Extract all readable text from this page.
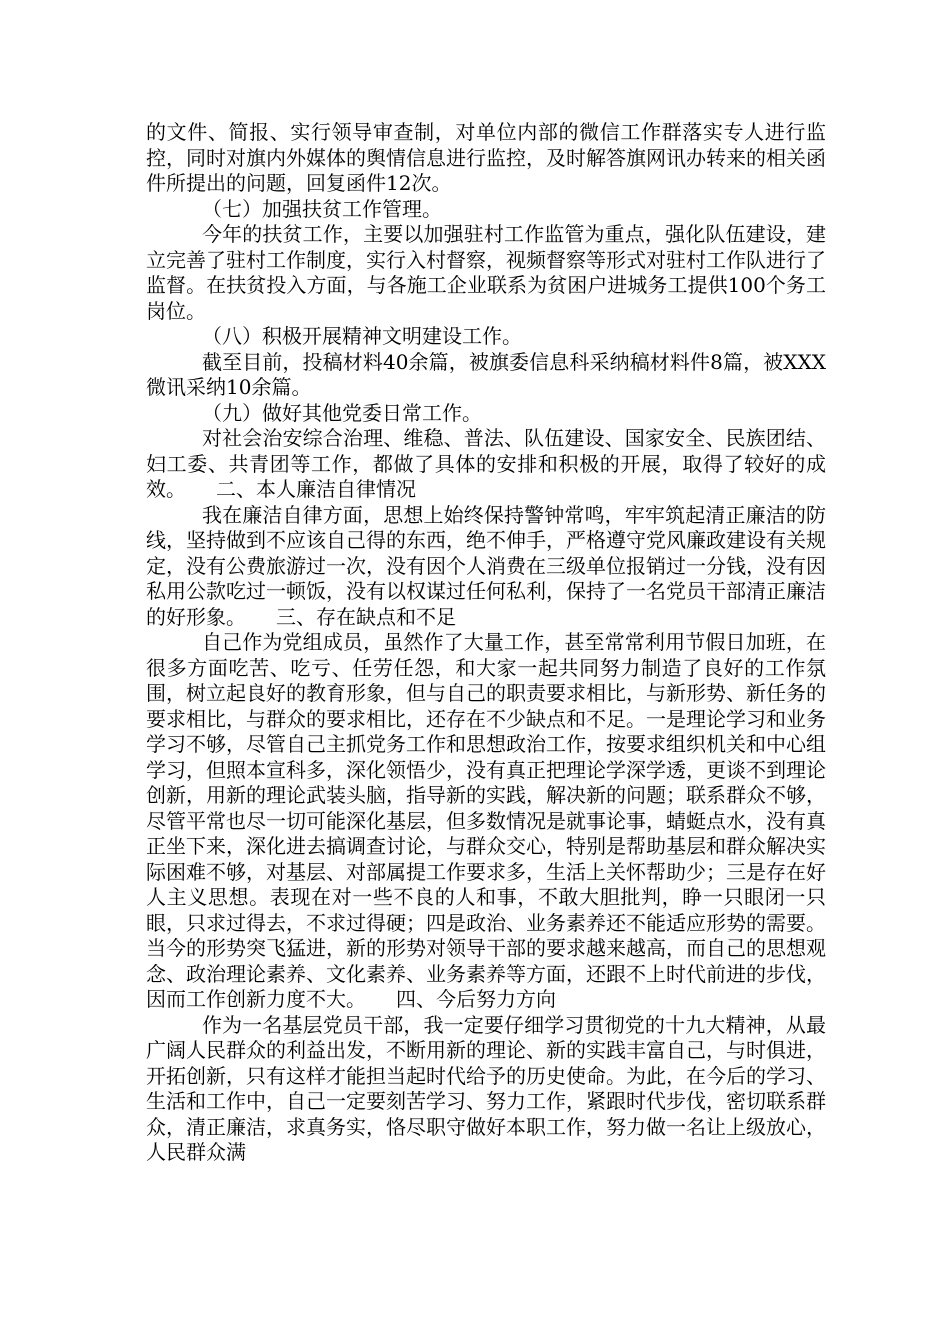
的文件、简报、实行领导审查制，对单位内部的微信工作群落实专人进行监控，同时对旗内外媒体的舆情信息进行监控，及时解答旗网讯办转来的相关函件所提出的问题，回复函件12次。

（七）加强扶贫工作管理。

今年的扶贫工作，主要以加强驻村工作监管为重点，强化队伍建设，建立完善了驻村工作制度，实行入村督察，视频督察等形式对驻村工作队进行了监督。在扶贫投入方面，与各施工企业联系为贫困户进城务工提供100个务工岗位。

（八）积极开展精神文明建设工作。

截至目前，投稿材料40余篇，被旗委信息科采纳稿材料件8篇，被XXX微讯采纳10余篇。

（九）做好其他党委日常工作。

对社会治安综合治理、维稳、普法、队伍建设、国家安全、民族团结、妇工委、共青团等工作，都做了具体的安排和积极的开展，取得了较好的成效。　　二、本人廉洁自律情况

我在廉洁自律方面，思想上始终保持警钟常鸣，牢牢筑起清正廉洁的防线，坚持做到不应该自己得的东西，绝不伸手，严格遵守党风廉政建设有关规定，没有公费旅游过一次，没有因个人消费在三级单位报销过一分钱，没有因私用公款吃过一顿饭，没有以权谋过任何私利，保持了一名党员干部清正廉洁的好形象。　　三、存在缺点和不足

自己作为党组成员，虽然作了大量工作，甚至常常利用节假日加班，在很多方面吃苦、吃亏、任劳任怨，和大家一起共同努力制造了良好的工作氛围，树立起良好的教育形象，但与自己的职责要求相比，与新形势、新任务的要求相比，与群众的要求相比，还存在不少缺点和不足。一是理论学习和业务学习不够，尽管自己主抓党务工作和思想政治工作，按要求组织机关和中心组学习，但照本宣科多，深化领悟少，没有真正把理论学深学透，更谈不到理论创新，用新的理论武装头脑，指导新的实践，解决新的问题；联系群众不够，尽管平常也尽一切可能深化基层，但多数情况是就事论事，蜻蜓点水，没有真正坐下来，深化进去搞调查讨论，与群众交心，特别是帮助基层和群众解决实际困难不够，对基层、对部属提工作要求多，生活上关怀帮助少；三是存在好人主义思想。表现在对一些不良的人和事，不敢大胆批判，睁一只眼闭一只眼，只求过得去，不求过得硬；四是政治、业务素养还不能适应形势的需要。当今的形势突飞猛进，新的形势对领导干部的要求越来越高，而自己的思想观念、政治理论素养、文化素养、业务素养等方面，还跟不上时代前进的步伐，因而工作创新力度不大。　　四、今后努力方向

作为一名基层党员干部，我一定要仔细学习贯彻党的十九大精神，从最广阔人民群众的利益出发，不断用新的理论、新的实践丰富自己，与时俱进，开拓创新，只有这样才能担当起时代给予的历史使命。为此，在今后的学习、生活和工作中，自己一定要刻苦学习、努力工作，紧跟时代步伐，密切联系群众，清正廉洁，求真务实，恪尽职守做好本职工作，努力做一名让上级放心，人民群众满
